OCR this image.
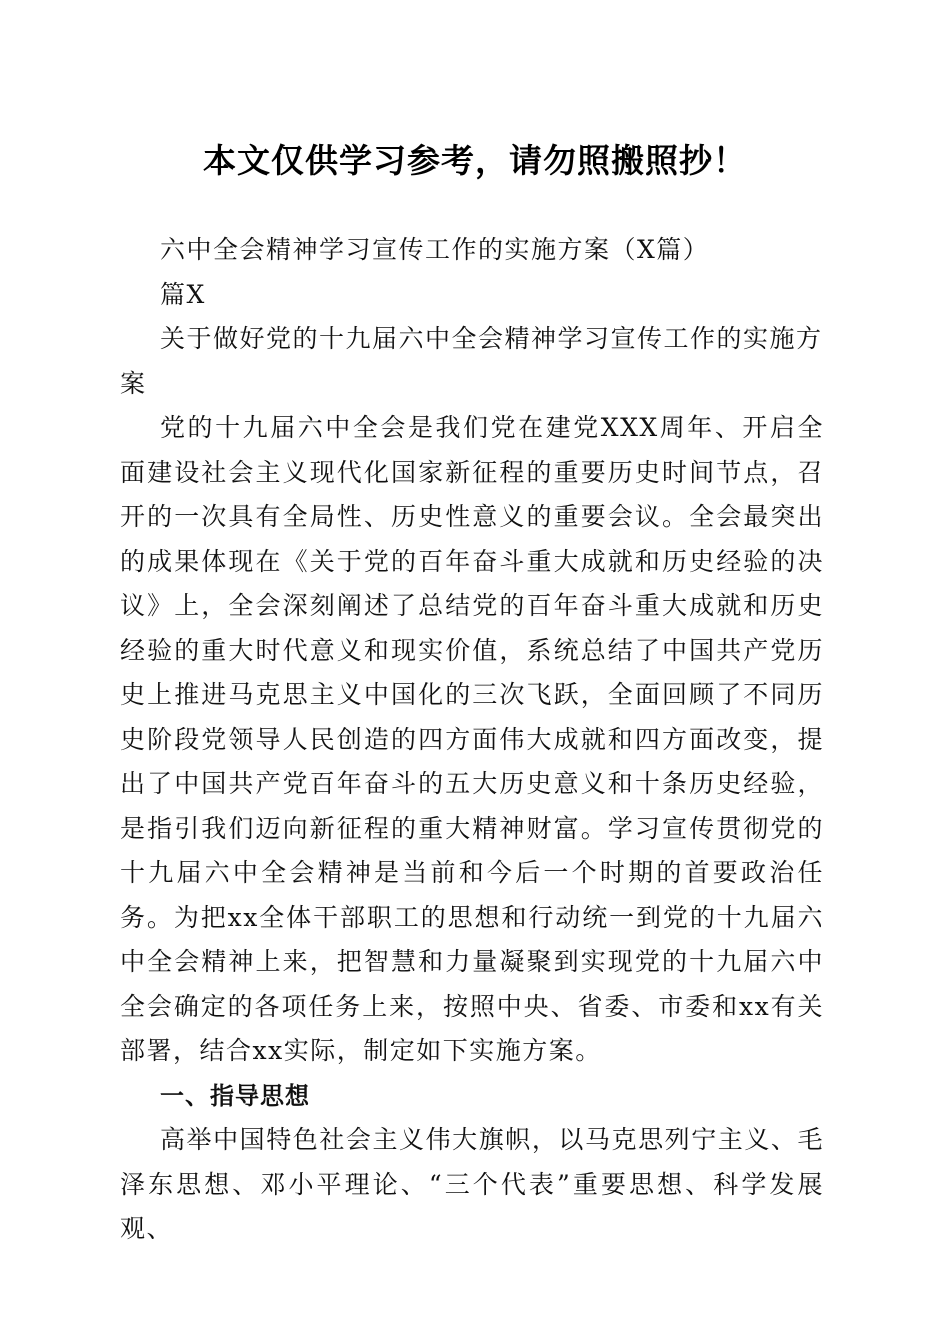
本文仅供学习参考，请勿照搬照抄！

六中全会精神学习宣传工作的实施方案（X篇）

篇X

关于做好党的十九届六中全会精神学习宣传工作的实施方案

党的十九届六中全会是我们党在建党XXX周年、开启全面建设社会主义现代化国家新征程的重要历史时间节点，召开的一次具有全局性、历史性意义的重要会议。全会最突出的成果体现在《关于党的百年奋斗重大成就和历史经验的决议》上，全会深刻阐述了总结党的百年奋斗重大成就和历史经验的重大时代意义和现实价值，系统总结了中国共产党历史上推进马克思主义中国化的三次飞跃，全面回顾了不同历史阶段党领导人民创造的四方面伟大成就和四方面改变，提出了中国共产党百年奋斗的五大历史意义和十条历史经验，是指引我们迈向新征程的重大精神财富。学习宣传贯彻党的十九届六中全会精神是当前和今后一个时期的首要政治任务。为把xx全体干部职工的思想和行动统一到党的十九届六中全会精神上来，把智慧和力量凝聚到实现党的十九届六中全会确定的各项任务上来，按照中央、省委、市委和xx有关部署，结合xx实际，制定如下实施方案。

一、指导思想

高举中国特色社会主义伟大旗帜，以马克思列宁主义、毛泽东思想、邓小平理论、“三个代表”重要思想、科学发展观、
